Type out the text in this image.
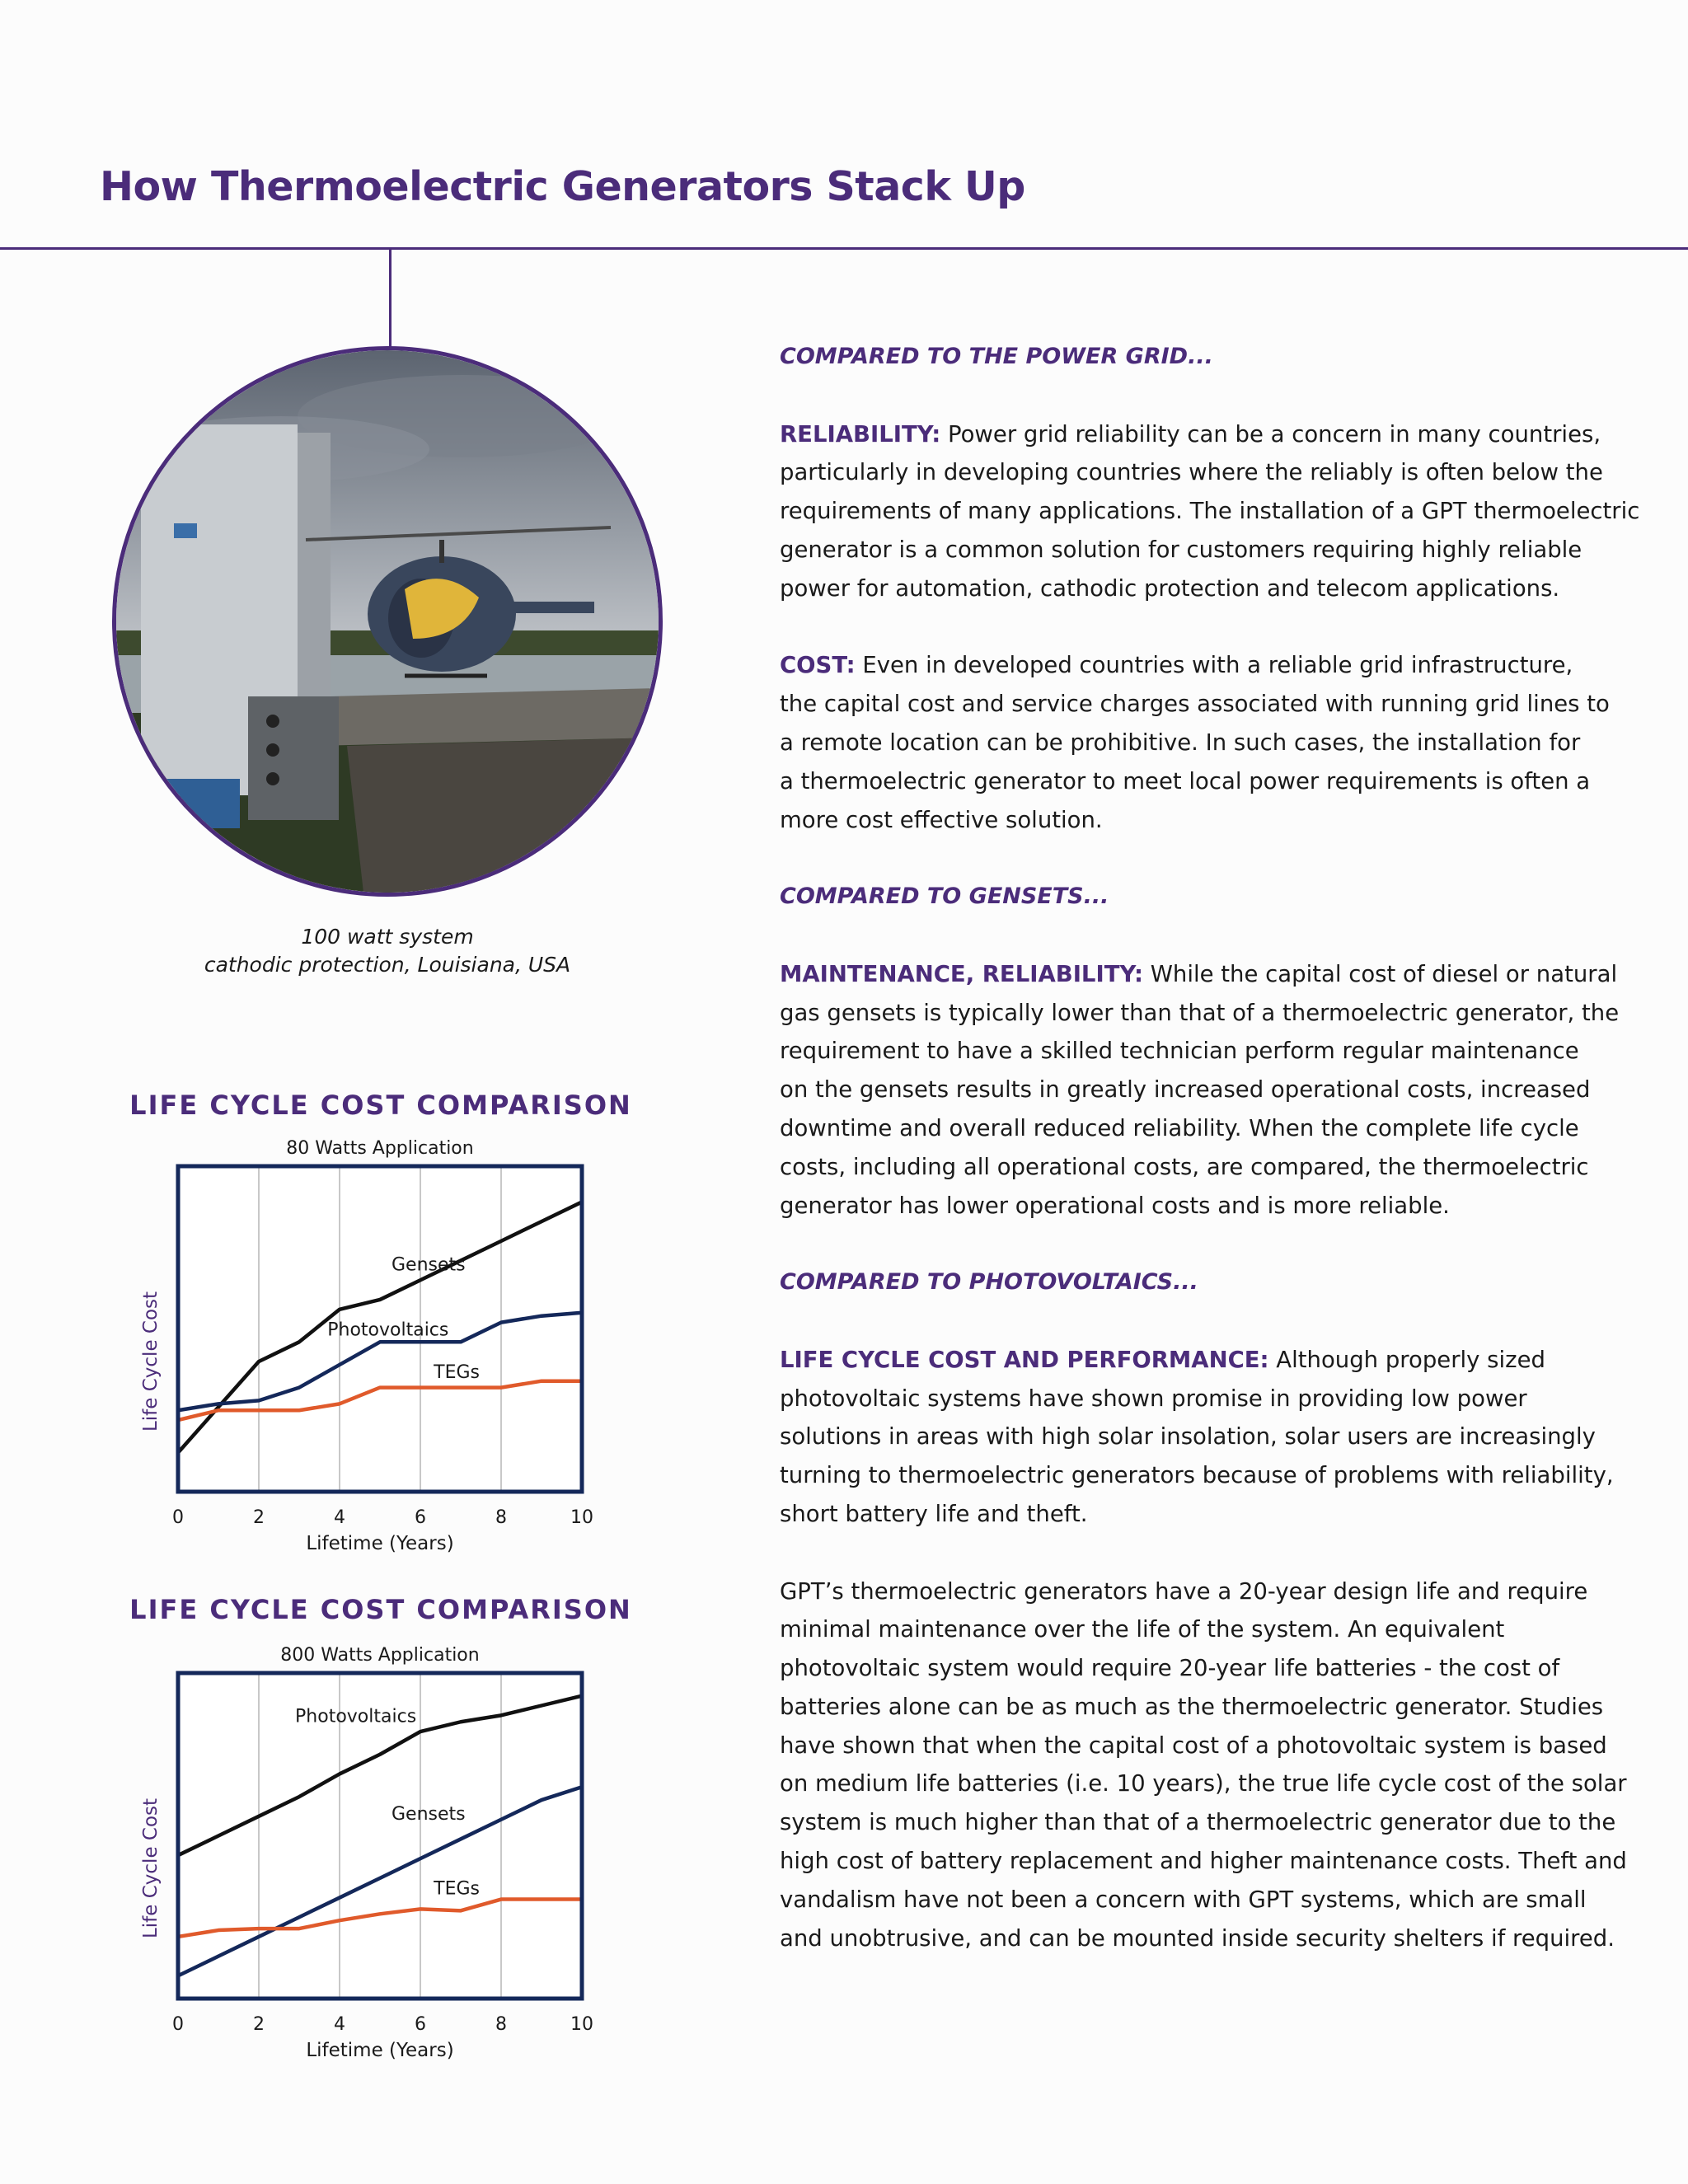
How Thermoelectric Generators Stack Up
100 watt system
cathodic protection, Louisiana, USA
LIFE CYCLE COST COMPARISON
80 Watts Application
Gensets
Photovoltaics
TEGs
0	2	4	6	8	10
Lifetime (Years)
Life Cycle Cost
LIFE CYCLE COST COMPARISON
800 Watts Application
Photovoltaics
Gensets
TEGs
0	2	4	6	8	10
Lifetime (Years)
Life Cycle Cost
COMPARED TO THE POWER GRID...

RELIABILITY: Power grid reliability can be a concern in many countries,
particularly in developing countries where the reliably is often below the
requirements of many applications. The installation of a GPT thermoelectric
generator is a common solution for customers requiring highly reliable
power for automation, cathodic protection and telecom applications.

COST: Even in developed countries with a reliable grid infrastructure,
the capital cost and service charges associated with running grid lines to
a remote location can be prohibitive. In such cases, the installation for
a thermoelectric generator to meet local power requirements is often a
more cost effective solution.

COMPARED TO GENSETS...

MAINTENANCE, RELIABILITY: While the capital cost of diesel or natural
gas gensets is typically lower than that of a thermoelectric generator, the
requirement to have a skilled technician perform regular maintenance
on the gensets results in greatly increased operational costs, increased
downtime and overall reduced reliability. When the complete life cycle
costs, including all operational costs, are compared, the thermoelectric
generator has lower operational costs and is more reliable.

COMPARED TO PHOTOVOLTAICS...

LIFE CYCLE COST AND PERFORMANCE: Although properly sized
photovoltaic systems have shown promise in providing low power
solutions in areas with high solar insolation, solar users are increasingly
turning to thermoelectric generators because of problems with reliability,
short battery life and theft.

GPT’s thermoelectric generators have a 20-year design life and require
minimal maintenance over the life of the system. An equivalent
photovoltaic system would require 20-year life batteries - the cost of
batteries alone can be as much as the thermoelectric generator. Studies
have shown that when the capital cost of a photovoltaic system is based
on medium life batteries (i.e. 10 years), the true life cycle cost of the solar
system is much higher than that of a thermoelectric generator due to the
high cost of battery replacement and higher maintenance costs. Theft and
vandalism have not been a concern with GPT systems, which are small
and unobtrusive, and can be mounted inside security shelters if required.
